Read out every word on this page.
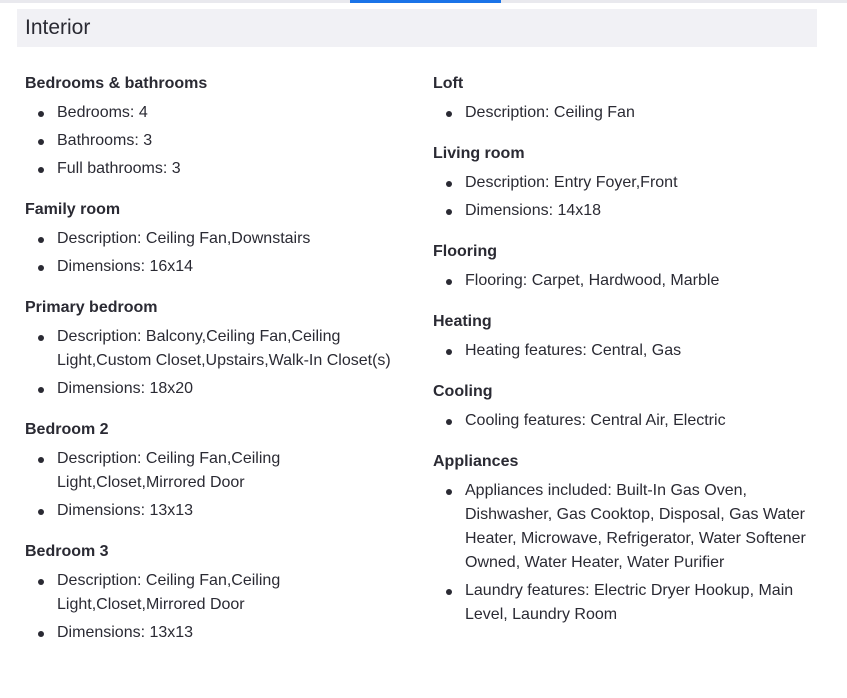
Interior
Bedrooms & bathrooms
Bedrooms: 4
Bathrooms: 3
Full bathrooms: 3
Family room
Description: Ceiling Fan,Downstairs
Dimensions: 16x14
Primary bedroom
Description: Balcony,Ceiling Fan,Ceiling Light,Custom Closet,Upstairs,Walk-In Closet(s)
Dimensions: 18x20
Bedroom 2
Description: Ceiling Fan,Ceiling Light,Closet,Mirrored Door
Dimensions: 13x13
Bedroom 3
Description: Ceiling Fan,Ceiling Light,Closet,Mirrored Door
Dimensions: 13x13
Loft
Description: Ceiling Fan
Living room
Description: Entry Foyer,Front
Dimensions: 14x18
Flooring
Flooring: Carpet, Hardwood, Marble
Heating
Heating features: Central, Gas
Cooling
Cooling features: Central Air, Electric
Appliances
Appliances included: Built-In Gas Oven, Dishwasher, Gas Cooktop, Disposal, Gas Water Heater, Microwave, Refrigerator, Water Softener Owned, Water Heater, Water Purifier
Laundry features: Electric Dryer Hookup, Main Level, Laundry Room
